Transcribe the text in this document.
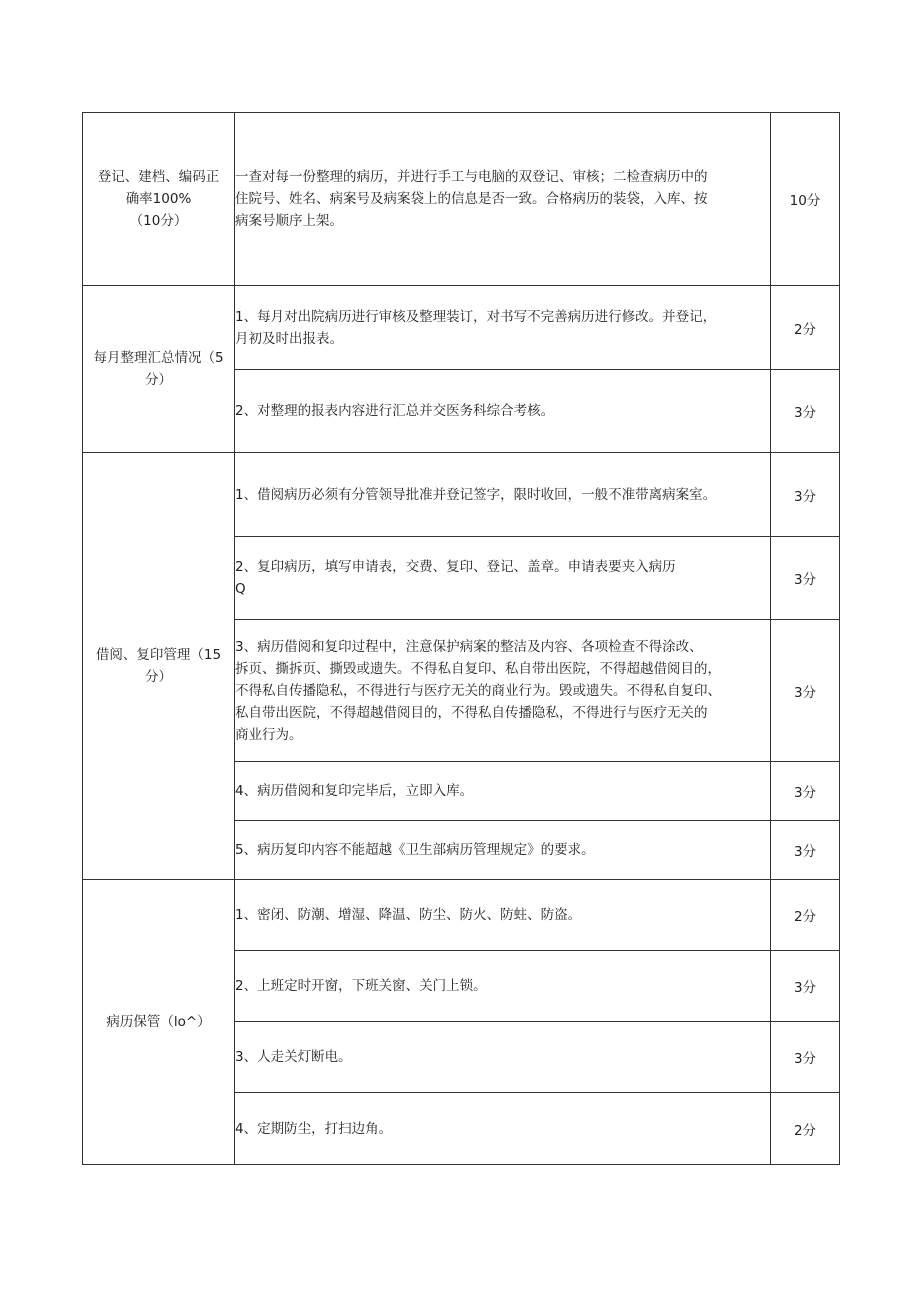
登记、建档、编码正
确率100%
（10分）	一查对每一份整理的病历，并进行手工与电脑的双登记、审核；二检查病历中的
住院号、姓名、病案号及病案袋上的信息是否一致。合格病历的装袋，入库、按
病案号顺序上架。	10分

每月整理汇总情况（5
分）	1、每月对出院病历进行审核及整理装订，对书写不完善病历进行修改。并登记，
月初及时出报表。	2分

	2、对整理的报表内容进行汇总并交医务科综合考核。	3分

借阅、复印管理（15
分）	1、借阅病历必须有分管领导批准并登记签字，限时收回，一般不准带离病案室。	3分

	2、复印病历，填写申请表，交费、复印、登记、盖章。申请表要夹入病历
Q	3分

	3、病历借阅和复印过程中，注意保护病案的整洁及内容、各项检查不得涂改、
拆页、撕拆页、撕毁或遗失。不得私自复印、私自带出医院，不得超越借阅目的，
不得私自传播隐私，不得进行与医疗无关的商业行为。毁或遗失。不得私自复印、
私自带出医院，不得超越借阅目的，不得私自传播隐私，不得进行与医疗无关的
商业行为。	3分

	4、病历借阅和复印完毕后，立即入库。	3分

	5、病历复印内容不能超越《卫生部病历管理规定》的要求。	3分

病历保管（lo^）	1、密闭、防潮、增湿、降温、防尘、防火、防蛀、防盗。	2分

	2、上班定时开窗，下班关窗、关门上锁。	3分

	3、人走关灯断电。	3分

	4、定期防尘，打扫边角。	2分
